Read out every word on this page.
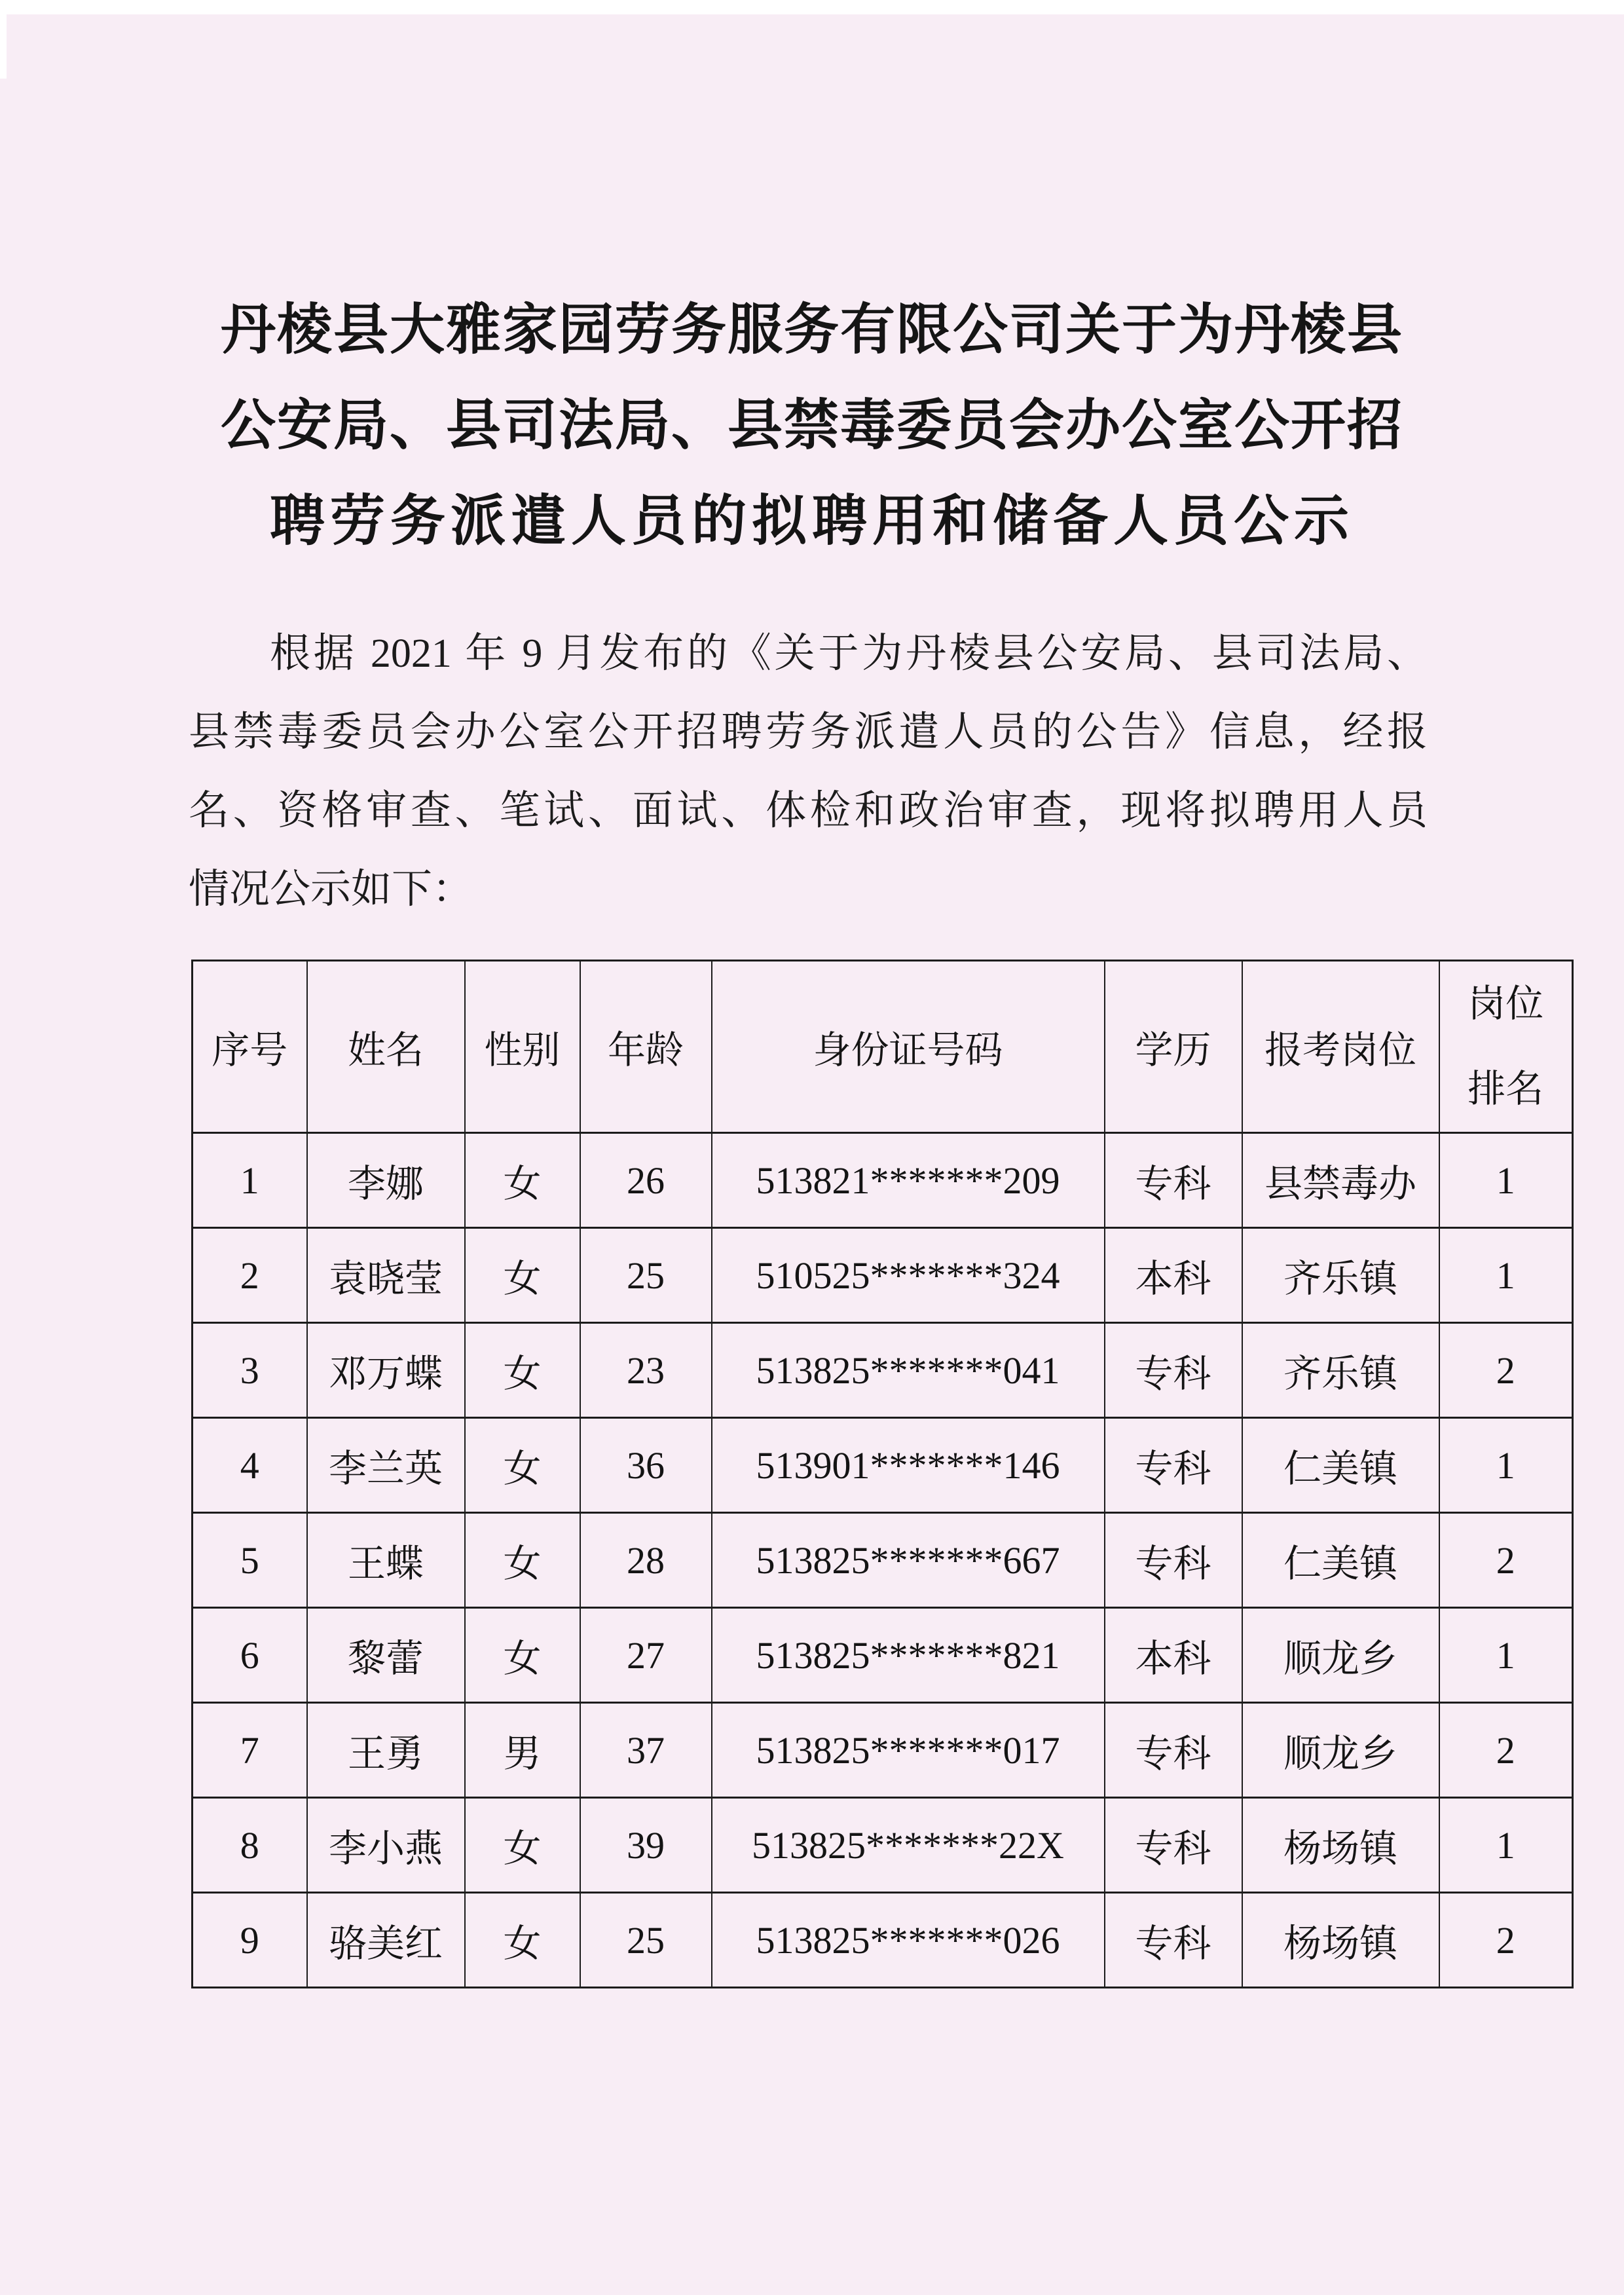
丹棱县大雅家园劳务服务有限公司关于为丹棱县
公安局、县司法局、县禁毒委员会办公室公开招
聘劳务派遣人员的拟聘用和储备人员公示
根据 2021 年 9 月发布的《关于为丹棱县公安局、县司法局、
县禁毒委员会办公室公开招聘劳务派遣人员的公告》信息，经报
名、资格审查、笔试、面试、体检和政治审查，现将拟聘用人员
情况公示如下：
序号	姓名	性别	年龄	身份证号码	学历	报考岗位	岗位
排名

1	李娜	女	26	513821*******209	专科	县禁毒办	1
2	袁晓莹	女	25	510525*******324	本科	齐乐镇	1
3	邓万蝶	女	23	513825*******041	专科	齐乐镇	2
4	李兰英	女	36	513901*******146	专科	仁美镇	1
5	王蝶	女	28	513825*******667	专科	仁美镇	2
6	黎蕾	女	27	513825*******821	本科	顺龙乡	1
7	王勇	男	37	513825*******017	专科	顺龙乡	2
8	李小燕	女	39	513825*******22X	专科	杨场镇	1
9	骆美红	女	25	513825*******026	专科	杨场镇	2
